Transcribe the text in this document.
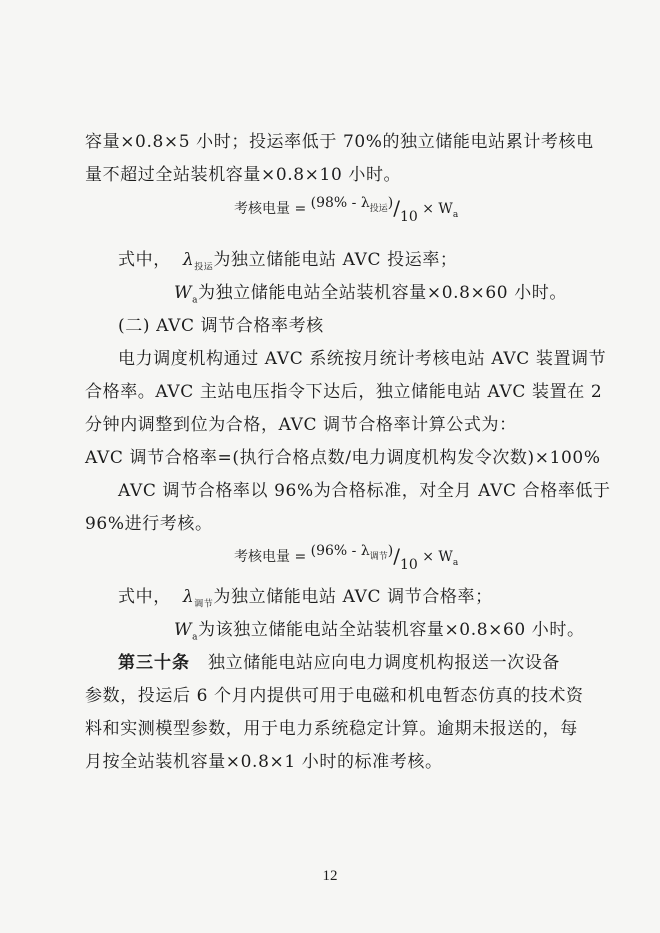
容量×0.8×5 小时；投运率低于 70%的独立储能电站累计考核电
量不超过全站装机容量×0.8×10 小时。
考核电量 = $(98\% - \lambda_{投运})/10 \times W_a$
式中， $\lambda_{投运}$为独立储能电站 AVC 投运率；
$W_a$为独立储能电站全站装机容量×0.8×60 小时。
(二) AVC 调节合格率考核
电力调度机构通过 AVC 系统按月统计考核电站 AVC 装置调节
合格率。AVC 主站电压指令下达后，独立储能电站 AVC 装置在 2
分钟内调整到位为合格，AVC 调节合格率计算公式为：
AVC 调节合格率=(执行合格点数/电力调度机构发令次数)×100%
AVC 调节合格率以 96%为合格标准，对全月 AVC 合格率低于
96%进行考核。
考核电量 = $(96\% - \lambda_{调节})/10 \times W_a$
式中， $\lambda_{调节}$为独立储能电站 AVC 调节合格率；
$W_a$为该独立储能电站全站装机容量×0.8×60 小时。
第三十条 独立储能电站应向电力调度机构报送一次设备
参数，投运后 6 个月内提供可用于电磁和机电暂态仿真的技术资
料和实测模型参数，用于电力系统稳定计算。逾期未报送的，每
月按全站装机容量×0.8×1 小时的标准考核。
12
